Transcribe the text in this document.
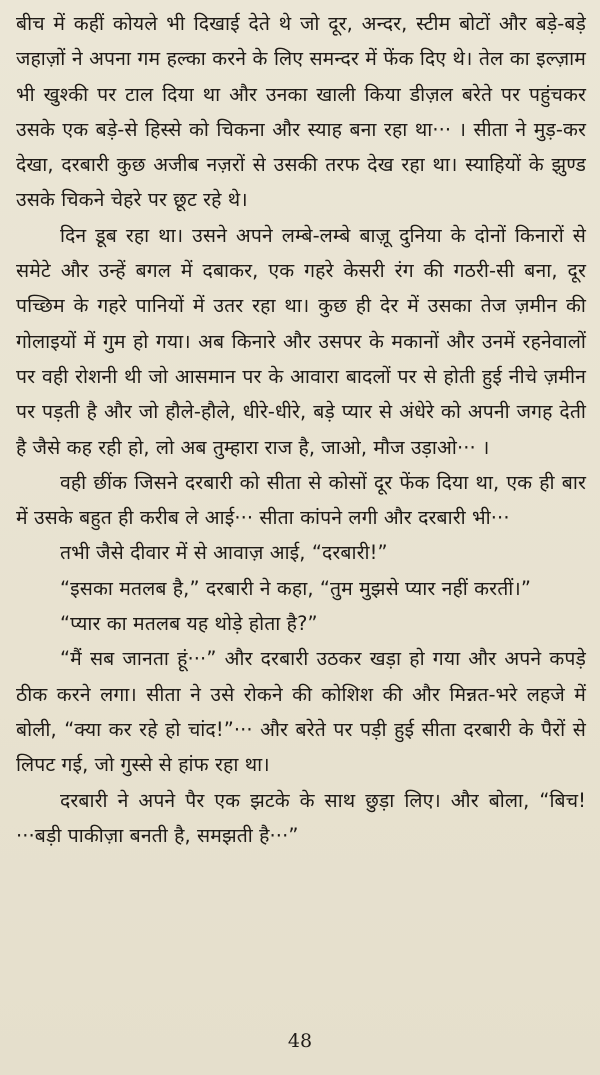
बीच में कहीं कोयले भी दिखाई देते थे जो दूर, अन्दर, स्टीम बोटों और बड़े-बड़े जहाज़ों ने अपना गम हल्का करने के लिए समन्दर में फेंक दिए थे। तेल का इल्ज़ाम भी खुश्की पर टाल दिया था और उनका खाली किया डीज़ल बरेते पर पहुंचकर उसके एक बड़े-से हिस्से को चिकना और स्याह बना रहा था··· । सीता ने मुड़-कर देखा, दरबारी कुछ अजीब नज़रों से उसकी तरफ देख रहा था। स्याहियों के झुण्ड उसके चिकने चेहरे पर छूट रहे थे।

दिन डूब रहा था। उसने अपने लम्बे-लम्बे बाज़ू दुनिया के दोनों किनारों से समेटे और उन्हें बगल में दबाकर, एक गहरे केसरी रंग की गठरी-सी बना, दूर पच्छिम के गहरे पानियों में उतर रहा था। कुछ ही देर में उसका तेज ज़मीन की गोलाइयों में गुम हो गया। अब किनारे और उसपर के मकानों और उनमें रहनेवालों पर वही रोशनी थी जो आसमान पर के आवारा बादलों पर से होती हुई नीचे ज़मीन पर पड़ती है और जो हौले-हौले, धीरे-धीरे, बड़े प्यार से अंधेरे को अपनी जगह देती है जैसे कह रही हो, लो अब तुम्हारा राज है, जाओ, मौज उड़ाओ··· ।

वही छींक जिसने दरबारी को सीता से कोसों दूर फेंक दिया था, एक ही बार में उसके बहुत ही करीब ले आई··· सीता कांपने लगी और दरबारी भी···

तभी जैसे दीवार में से आवाज़ आई, “दरबारी!”

“इसका मतलब है,” दरबारी ने कहा, “तुम मुझसे प्यार नहीं करतीं।”

“प्यार का मतलब यह थोड़े होता है?”

“मैं सब जानता हूं···” और दरबारी उठकर खड़ा हो गया और अपने कपड़े ठीक करने लगा। सीता ने उसे रोकने की कोशिश की और मिन्नत-भरे लहजे में बोली, “क्या कर रहे हो चांद!”··· और बरेते पर पड़ी हुई सीता दरबारी के पैरों से लिपट गई, जो गुस्से से हांफ रहा था।

दरबारी ने अपने पैर एक झटके के साथ छुड़ा लिए। और बोला, “बिच!···बड़ी पाकीज़ा बनती है, समझती है···”

48
